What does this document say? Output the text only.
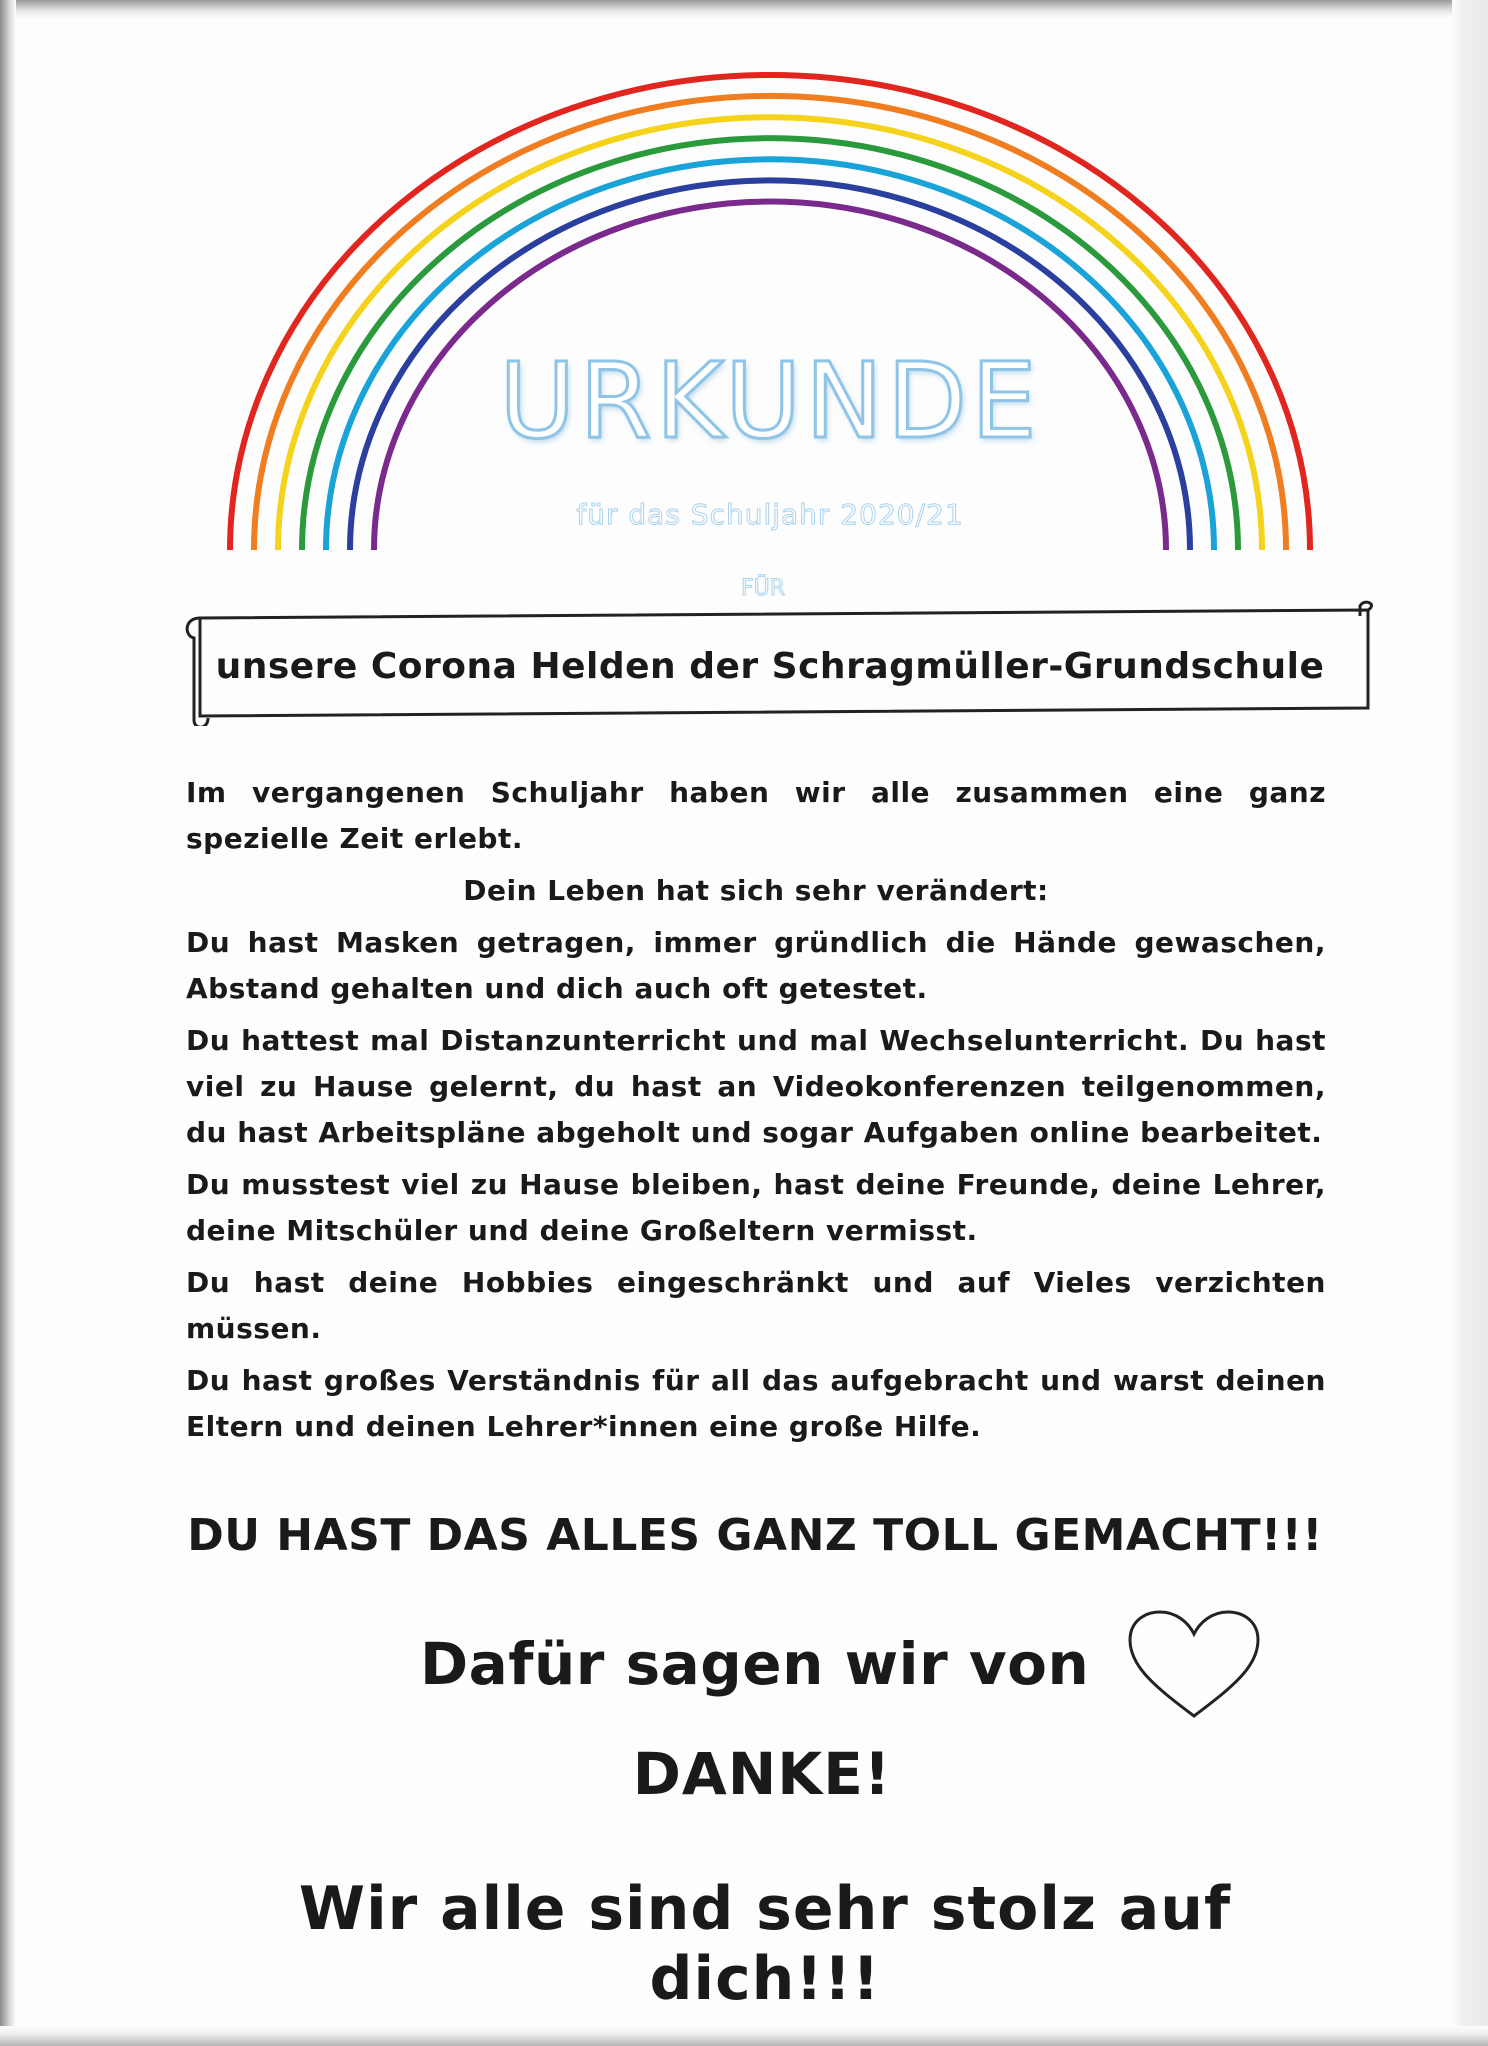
URKUNDE
für das Schuljahr 2020/21
FÜR
unsere Corona Helden der Schragmüller-Grundschule

Im vergangenen Schuljahr haben wir alle zusammen eine ganz spezielle Zeit erlebt.

Dein Leben hat sich sehr verändert:

Du hast Masken getragen, immer gründlich die Hände gewaschen, Abstand gehalten und dich auch oft getestet.

Du hattest mal Distanzunterricht und mal Wechselunterricht. Du hast viel zu Hause gelernt, du hast an Videokonferenzen teilgenommen, du hast Arbeitspläne abgeholt und sogar Aufgaben online bearbeitet.

Du musstest viel zu Hause bleiben, hast deine Freunde, deine Lehrer, deine Mitschüler und deine Großeltern vermisst.

Du hast deine Hobbies eingeschränkt und auf Vieles verzichten müssen.

Du hast großes Verständnis für all das aufgebracht und warst deinen Eltern und deinen Lehrer*innen eine große Hilfe.

DU HAST DAS ALLES GANZ TOLL GEMACHT!!!
Dafür sagen wir von
DANKE!
Wir alle sind sehr stolz auf dich!!!
